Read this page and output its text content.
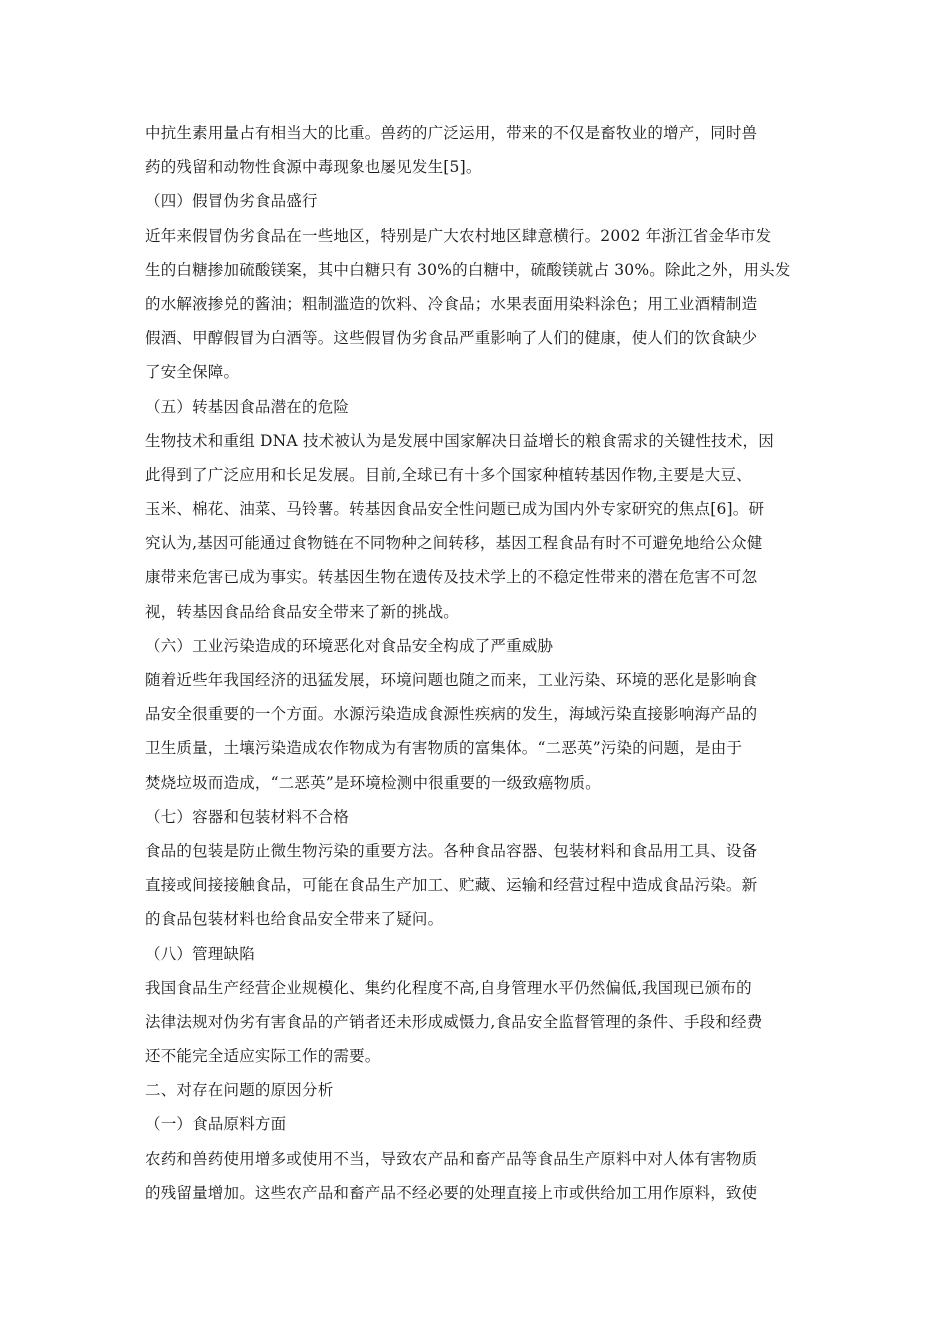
中抗生素用量占有相当大的比重。兽药的广泛运用，带来的不仅是畜牧业的增产，同时兽
药的残留和动物性食源中毒现象也屡见发生[5]。
（四）假冒伪劣食品盛行
近年来假冒伪劣食品在一些地区，特别是广大农村地区肆意横行。2002 年浙江省金华市发
生的白糖掺加硫酸镁案，其中白糖只有 30%的白糖中，硫酸镁就占 30%。除此之外，用头发
的水解液掺兑的酱油；粗制滥造的饮料、冷食品；水果表面用染料涂色；用工业酒精制造
假酒、甲醇假冒为白酒等。这些假冒伪劣食品严重影响了人们的健康，使人们的饮食缺少
了安全保障。
（五）转基因食品潜在的危险
生物技术和重组 DNA 技术被认为是发展中国家解决日益增长的粮食需求的关键性技术，因
此得到了广泛应用和长足发展。目前,全球已有十多个国家种植转基因作物,主要是大豆、
玉米、棉花、油菜、马铃薯。转基因食品安全性问题已成为国内外专家研究的焦点[6]。研
究认为,基因可能通过食物链在不同物种之间转移，基因工程食品有时不可避免地给公众健
康带来危害已成为事实。转基因生物在遗传及技术学上的不稳定性带来的潜在危害不可忽
视，转基因食品给食品安全带来了新的挑战。
（六）工业污染造成的环境恶化对食品安全构成了严重威胁
随着近些年我国经济的迅猛发展，环境问题也随之而来，工业污染、环境的恶化是影响食
品安全很重要的一个方面。水源污染造成食源性疾病的发生，海域污染直接影响海产品的
卫生质量，土壤污染造成农作物成为有害物质的富集体。“二恶英”污染的问题，是由于
焚烧垃圾而造成，“二恶英”是环境检测中很重要的一级致癌物质。
（七）容器和包装材料不合格
食品的包装是防止微生物污染的重要方法。各种食品容器、包装材料和食品用工具、设备
直接或间接接触食品，可能在食品生产加工、贮藏、运输和经营过程中造成食品污染。新
的食品包装材料也给食品安全带来了疑问。
（八）管理缺陷
我国食品生产经营企业规模化、集约化程度不高,自身管理水平仍然偏低,我国现已颁布的
法律法规对伪劣有害食品的产销者还未形成威慑力,食品安全监督管理的条件、手段和经费
还不能完全适应实际工作的需要。
二、对存在问题的原因分析
（一）食品原料方面
农药和兽药使用增多或使用不当，导致农产品和畜产品等食品生产原料中对人体有害物质
的残留量增加。这些农产品和畜产品不经必要的处理直接上市或供给加工用作原料，致使
